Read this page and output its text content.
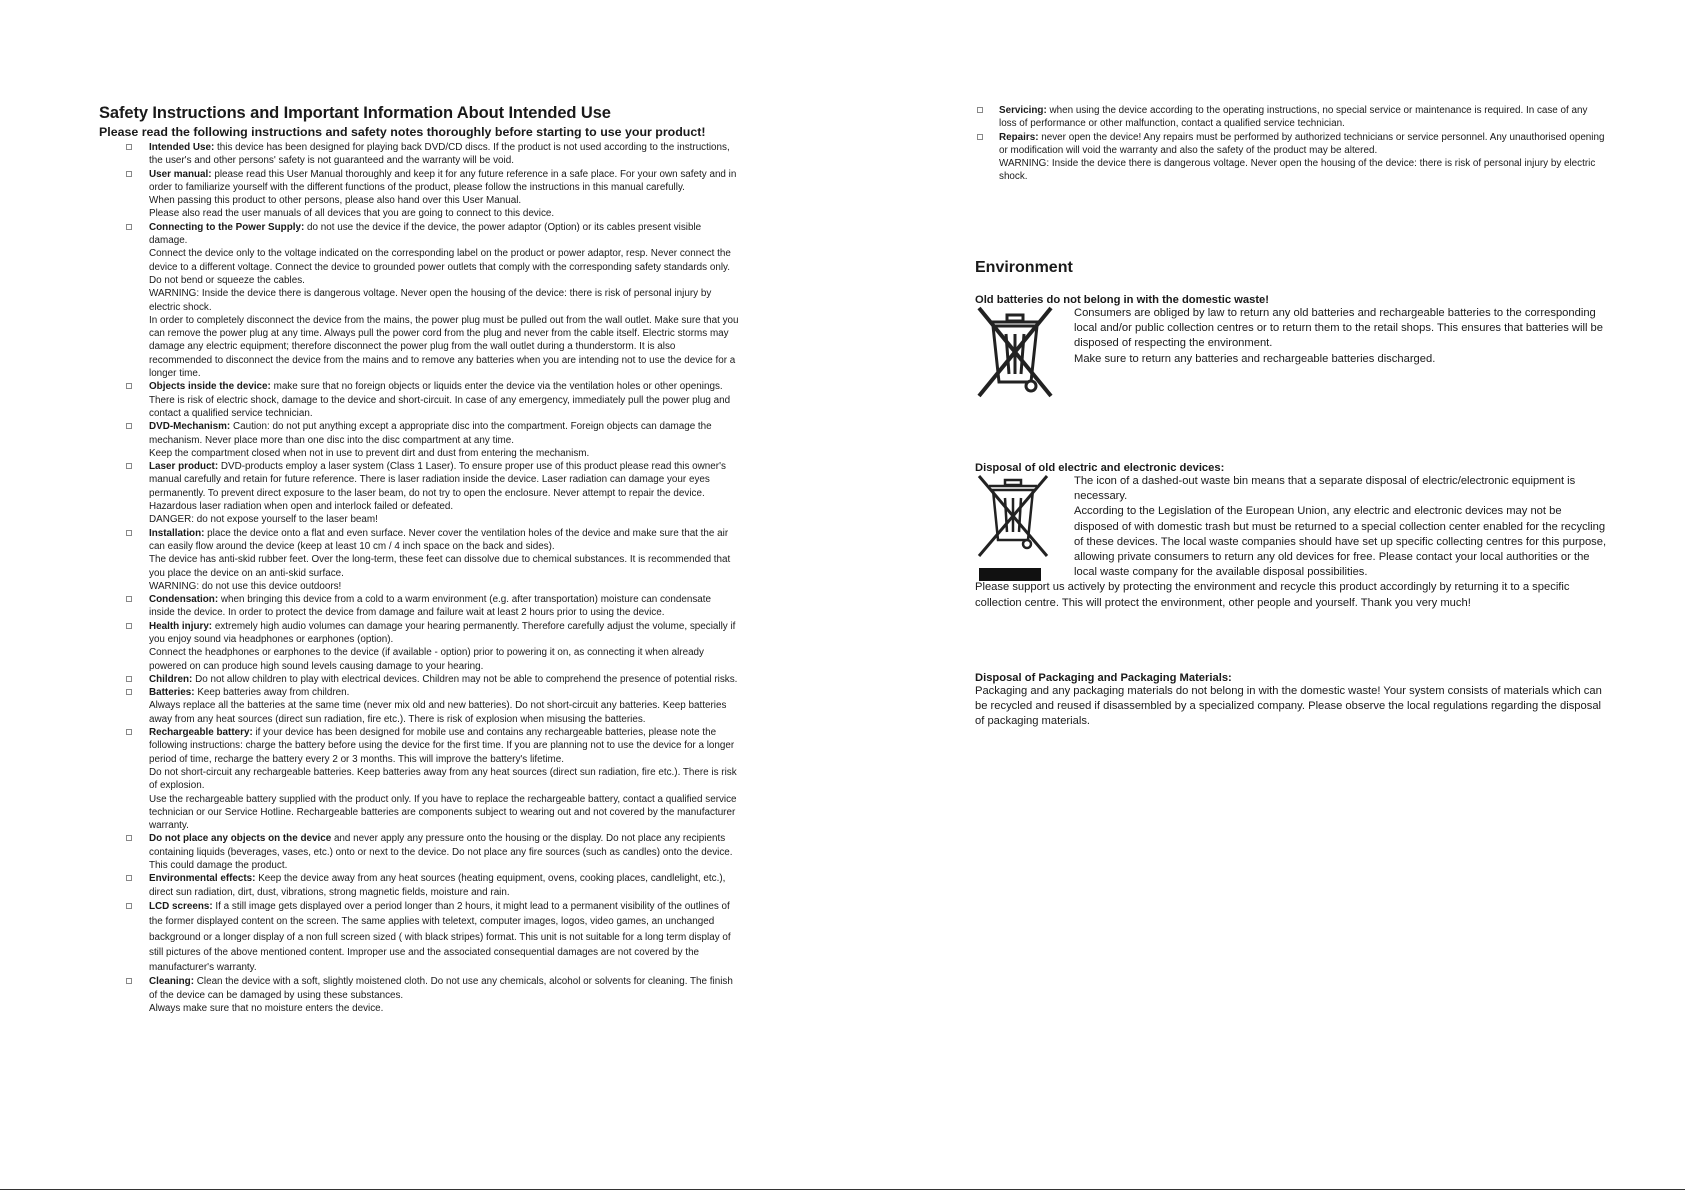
Safety Instructions and Important Information About Intended Use
Please read the following instructions and safety notes thoroughly before starting to use your product!
Intended Use: this device has been designed for playing back DVD/CD discs. If the product is not used according to the instructions, the user's and other persons' safety is not guaranteed and the warranty will be void.
User manual: please read this User Manual thoroughly and keep it for any future reference in a safe place. For your own safety and in order to familiarize yourself with the different functions of the product, please follow the instructions in this manual carefully.
When passing this product to other persons, please also hand over this User Manual.
Please also read the user manuals of all devices that you are going to connect to this device.
Connecting to the Power Supply: do not use the device if the device, the power adaptor (Option) or its cables present visible damage.
Connect the device only to the voltage indicated on the corresponding label on the product or power adaptor, resp. Never connect the device to a different voltage. Connect the device to grounded power outlets that comply with the corresponding safety standards only. Do not bend or squeeze the cables.
WARNING: Inside the device there is dangerous voltage. Never open the housing of the device: there is risk of personal injury by electric shock.
In order to completely disconnect the device from the mains, the power plug must be pulled out from the wall outlet. Make sure that you can remove the power plug at any time. Always pull the power cord from the plug and never from the cable itself. Electric storms may damage any electric equipment; therefore disconnect the power plug from the wall outlet during a thunderstorm. It is also recommended to disconnect the device from the mains and to remove any batteries when you are intending not to use the device for a longer time.
Objects inside the device: make sure that no foreign objects or liquids enter the device via the ventilation holes or other openings. There is risk of electric shock, damage to the device and short-circuit. In case of any emergency, immediately pull the power plug and contact a qualified service technician.
DVD-Mechanism: Caution: do not put anything except a appropriate disc into the compartment. Foreign objects can damage the mechanism. Never place more than one disc into the disc compartment at any time.
Keep the compartment closed when not in use to prevent dirt and dust from entering the mechanism.
Laser product: DVD-products employ a laser system (Class 1 Laser). To ensure proper use of this product please read this owner's manual carefully and retain for future reference. There is laser radiation inside the device. Laser radiation can damage your eyes permanently. To prevent direct exposure to the laser beam, do not try to open the enclosure. Never attempt to repair the device. Hazardous laser radiation when open and interlock failed or defeated.
DANGER: do not expose yourself to the laser beam!
Installation: place the device onto a flat and even surface. Never cover the ventilation holes of the device and make sure that the air can easily flow around the device (keep at least 10 cm / 4 inch space on the back and sides).
The device has anti-skid rubber feet. Over the long-term, these feet can dissolve due to chemical substances. It is recommended that you place the device on an anti-skid surface.
WARNING: do not use this device outdoors!
Condensation: when bringing this device from a cold to a warm environment (e.g. after transportation) moisture can condensate inside the device. In order to protect the device from damage and failure wait at least 2 hours prior to using the device.
Health injury: extremely high audio volumes can damage your hearing permanently. Therefore carefully adjust the volume, specially if you enjoy sound via headphones or earphones (option).
Connect the headphones or earphones to the device (if available - option) prior to powering it on, as connecting it when already powered on can produce high sound levels causing damage to your hearing.
Children: Do not allow children to play with electrical devices. Children may not be able to comprehend the presence of potential risks.
Batteries: Keep batteries away from children.
Always replace all the batteries at the same time (never mix old and new batteries). Do not short-circuit any batteries. Keep batteries away from any heat sources (direct sun radiation, fire etc.). There is risk of explosion when misusing the batteries.
Rechargeable battery: if your device has been designed for mobile use and contains any rechargeable batteries, please note the following instructions: charge the battery before using the device for the first time. If you are planning not to use the device for a longer period of time, recharge the battery every 2 or 3 months. This will improve the battery's lifetime.
Do not short-circuit any rechargeable batteries. Keep batteries away from any heat sources (direct sun radiation, fire etc.). There is risk of explosion.
Use the rechargeable battery supplied with the product only. If you have to replace the rechargeable battery, contact a qualified service technician or our Service Hotline. Rechargeable batteries are components subject to wearing out and not covered by the manufacturer warranty.
Do not place any objects on the device and never apply any pressure onto the housing or the display. Do not place any recipients containing liquids (beverages, vases, etc.) onto or next to the device. Do not place any fire sources (such as candles) onto the device. This could damage the product.
Environmental effects: Keep the device away from any heat sources (heating equipment, ovens, cooking places, candlelight, etc.), direct sun radiation, dirt, dust, vibrations, strong magnetic fields, moisture and rain.
LCD screens: If a still image gets displayed over a period longer than 2 hours, it might lead to a permanent visibility of the outlines of the former displayed content on the screen. The same applies with teletext, computer images, logos, video games, an unchanged background or a longer display of a non full screen sized ( with black stripes) format. This unit is not suitable for a long term display of still pictures of the above mentioned content. Improper use and the associated consequential damages are not covered by the manufacturer's warranty.
Cleaning: Clean the device with a soft, slightly moistened cloth. Do not use any chemicals, alcohol or solvents for cleaning. The finish of the device can be damaged by using these substances.
Always make sure that no moisture enters the device.
Servicing: when using the device according to the operating instructions, no special service or maintenance is required. In case of any loss of performance or other malfunction, contact a qualified service technician.
Repairs: never open the device! Any repairs must be performed by authorized technicians or service personnel. Any unauthorised opening or modification will void the warranty and also the safety of the product may be altered.
WARNING: Inside the device there is dangerous voltage. Never open the housing of the device: there is risk of personal injury by electric shock.
Environment
Old batteries do not belong in with the domestic waste!
Consumers are obliged by law to return any old batteries and rechargeable batteries to the corresponding local and/or public collection centres or to return them to the retail shops. This ensures that batteries will be disposed of respecting the environment.
Make sure to return any batteries and rechargeable batteries discharged.
Disposal of old electric and electronic devices:
The icon of a dashed-out waste bin means that a separate disposal of electric/electronic equipment is necessary.
According to the Legislation of the European Union, any electric and electronic devices may not be disposed of with domestic trash but must be returned to a special collection center enabled for the recycling of these devices. The local waste companies should have set up specific collecting centres for this purpose, allowing private consumers to return any old devices for free. Please contact your local authorities or the local waste company for the available disposal possibilities.
Please support us actively by protecting the environment and recycle this product accordingly by returning it to a specific collection centre. This will protect the environment, other people and yourself. Thank you very much!
Disposal of Packaging and Packaging Materials:
Packaging and any packaging materials do not belong in with the domestic waste! Your system consists of materials which can be recycled and reused if disassembled by a specialized company. Please observe the local regulations regarding the disposal of packaging materials.
